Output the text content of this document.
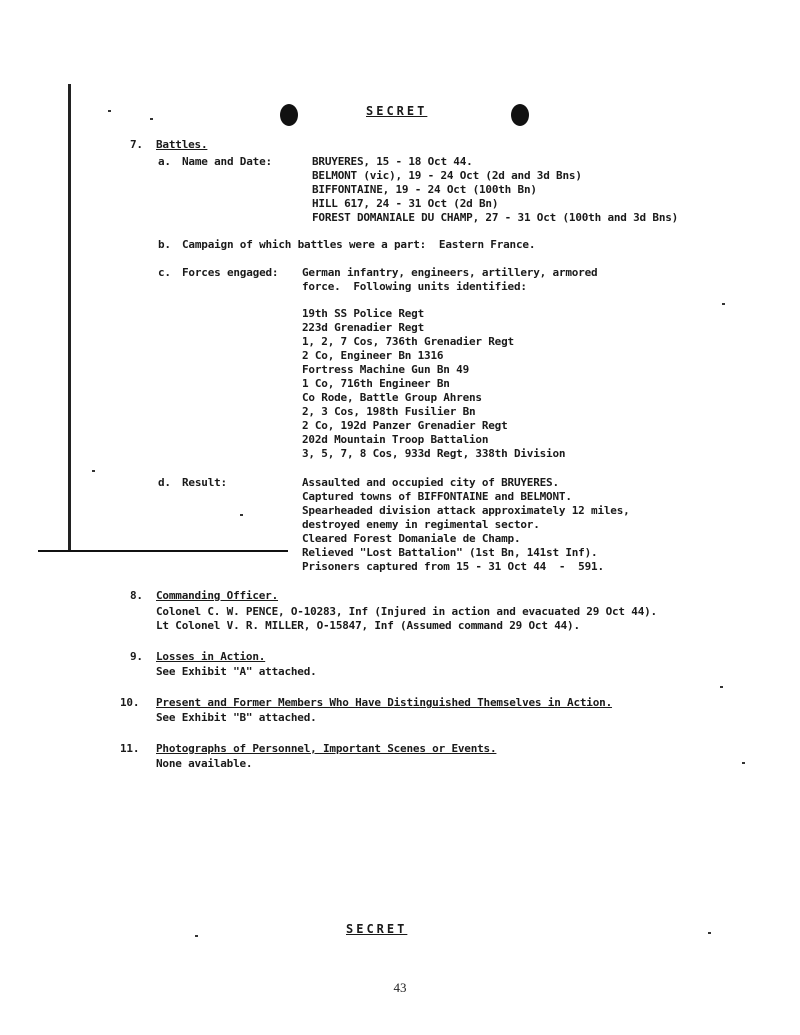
SECRET
7. Battles.
a. Name and Date:	BRUYERES, 15 - 18 Oct 44.
BELMONT (vic), 19 - 24 Oct (2d and 3d Bns)
BIFFONTAINE, 19 - 24 Oct (100th Bn)
HILL 617, 24 - 31 Oct (2d Bn)
FOREST DOMANIALE DU CHAMP, 27 - 31 Oct (100th and 3d Bns)
b. Campaign of which battles were a part:  Eastern France.
c. Forces engaged: German infantry, engineers, artillery, armored
force.  Following units identified:
19th SS Police Regt
223d Grenadier Regt
1, 2, 7 Cos, 736th Grenadier Regt
2 Co, Engineer Bn 1316
Fortress Machine Gun Bn 49
1 Co, 716th Engineer Bn
Co Rode, Battle Group Ahrens
2, 3 Cos, 198th Fusilier Bn
2 Co, 192d Panzer Grenadier Regt
202d Mountain Troop Battalion
3, 5, 7, 8 Cos, 933d Regt, 338th Division
d. Result:	Assaulted and occupied city of BRUYERES.
Captured towns of BIFFONTAINE and BELMONT.
Spearheaded division attack approximately 12 miles,
destroyed enemy in regimental sector.
Cleared Forest Domaniale de Champ.
Relieved "Lost Battalion" (1st Bn, 141st Inf).
Prisoners captured from 15 - 31 Oct 44  -  591.
8. Commanding Officer.
Colonel C. W. PENCE, O-10283, Inf (Injured in action and evacuated 29 Oct 44).
Lt Colonel V. R. MILLER, O-15847, Inf (Assumed command 29 Oct 44).
9. Losses in Action.
See Exhibit "A" attached.
10. Present and Former Members Who Have Distinguished Themselves in Action.
See Exhibit "B" attached.
11. Photographs of Personnel, Important Scenes or Events.
None available.
SECRET
43
